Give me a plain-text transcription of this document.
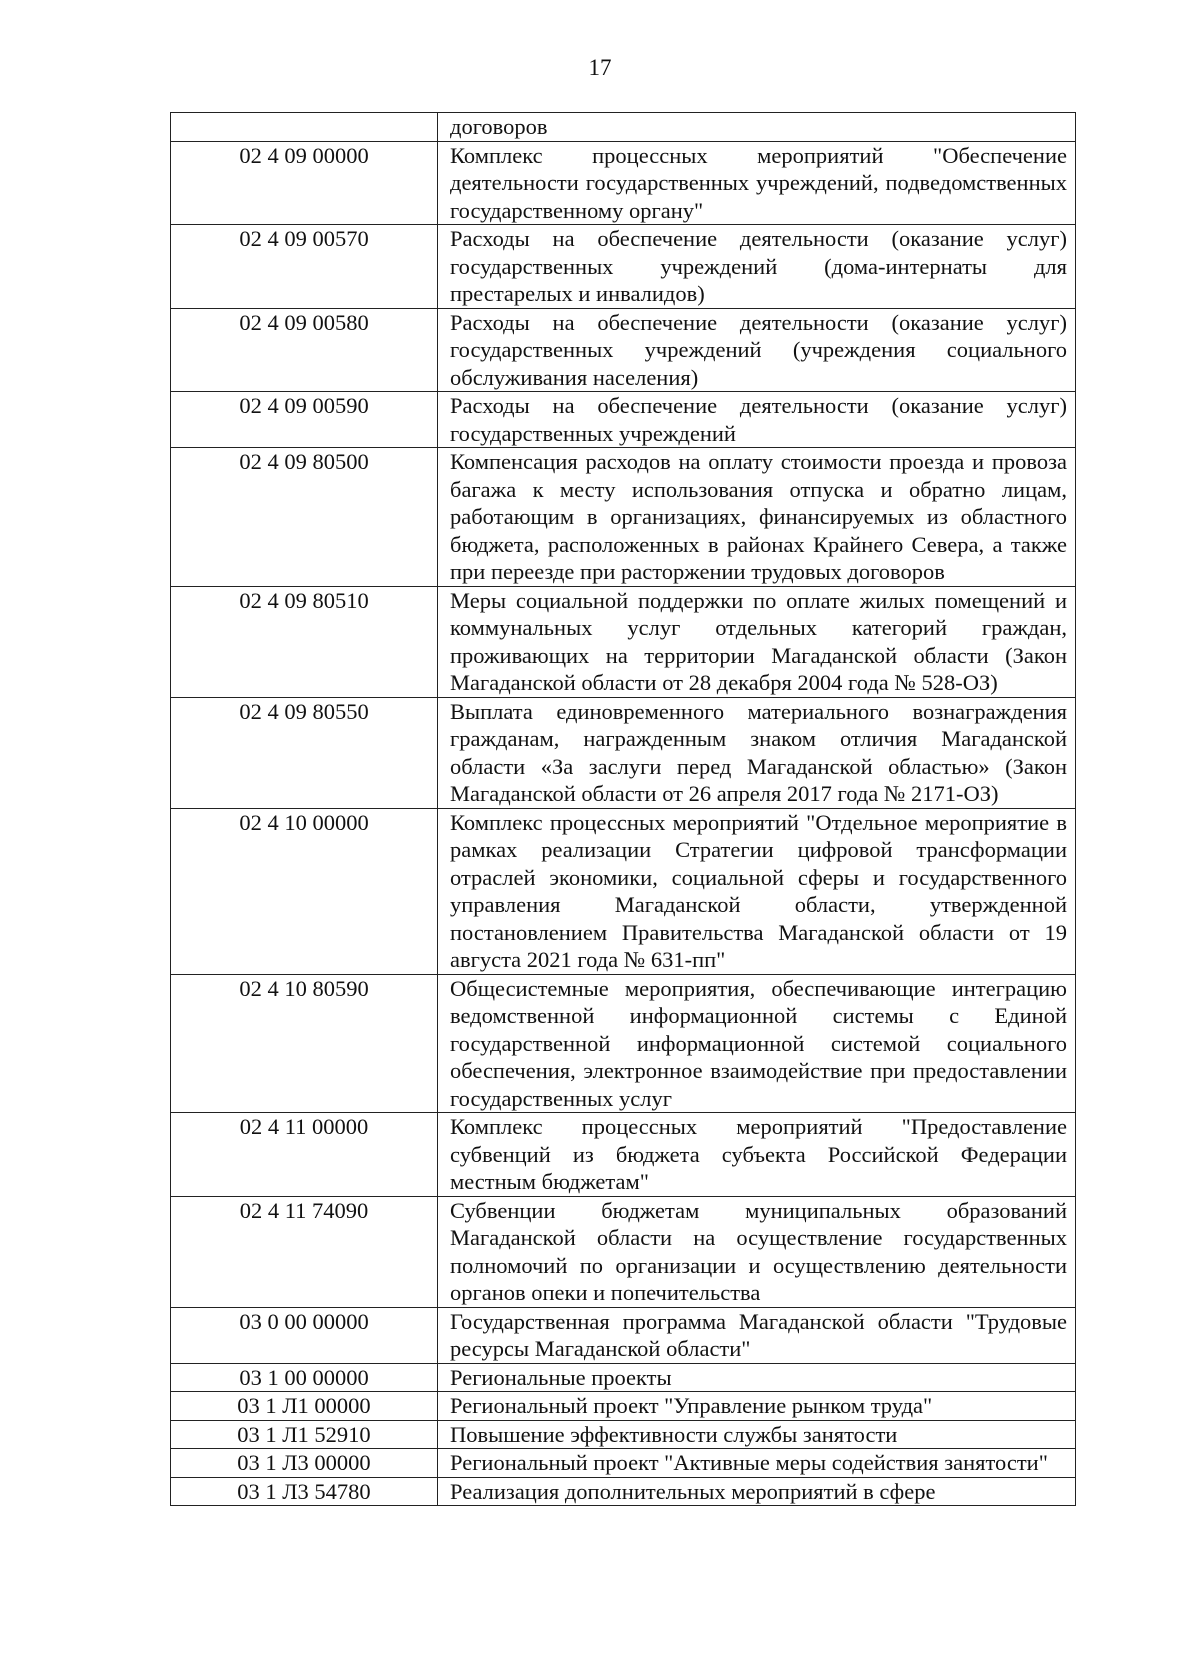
17
	договоров
02 4 09 00000	Комплекс процессных мероприятий "Обеспечение деятельности государственных учреждений, подведомственных государственному органу"
02 4 09 00570	Расходы на обеспечение деятельности (оказание услуг) государственных учреждений (дома-интернаты для престарелых и инвалидов)
02 4 09 00580	Расходы на обеспечение деятельности (оказание услуг) государственных учреждений (учреждения социального обслуживания населения)
02 4 09 00590	Расходы на обеспечение деятельности (оказание услуг) государственных учреждений
02 4 09 80500	Компенсация расходов на оплату стоимости проезда и провоза багажа к месту использования отпуска и обратно лицам, работающим в организациях, финансируемых из областного бюджета, расположенных в районах Крайнего Севера, а также при переезде при расторжении трудовых договоров
02 4 09 80510	Меры социальной поддержки по оплате жилых помещений и коммунальных услуг отдельных категорий граждан, проживающих на территории Магаданской области (Закон Магаданской области от 28 декабря 2004 года № 528-ОЗ)
02 4 09 80550	Выплата единовременного материального вознаграждения гражданам, награжденным знаком отличия Магаданской области «За заслуги перед Магаданской областью» (Закон Магаданской области от 26 апреля 2017 года № 2171-ОЗ)
02 4 10 00000	Комплекс процессных мероприятий "Отдельное мероприятие в рамках реализации Стратегии цифровой трансформации отраслей экономики, социальной сферы и государственного управления Магаданской области, утвержденной постановлением Правительства Магаданской области от 19 августа 2021 года № 631-пп"
02 4 10 80590	Общесистемные мероприятия, обеспечивающие интеграцию ведомственной информационной системы с Единой государственной информационной системой социального обеспечения, электронное взаимодействие при предоставлении государственных услуг
02 4 11 00000	Комплекс процессных мероприятий "Предоставление субвенций из бюджета субъекта Российской Федерации местным бюджетам"
02 4 11 74090	Субвенции бюджетам муниципальных образований Магаданской области на осуществление государственных полномочий по организации и осуществлению деятельности органов опеки и попечительства
03 0 00 00000	Государственная программа Магаданской области "Трудовые ресурсы Магаданской области"
03 1 00 00000	Региональные проекты
03 1 Л1 00000	Региональный проект "Управление рынком труда"
03 1 Л1 52910	Повышение эффективности службы занятости
03 1 Л3 00000	Региональный проект "Активные меры содействия занятости"
03 1 Л3 54780	Реализация дополнительных мероприятий в сфере
